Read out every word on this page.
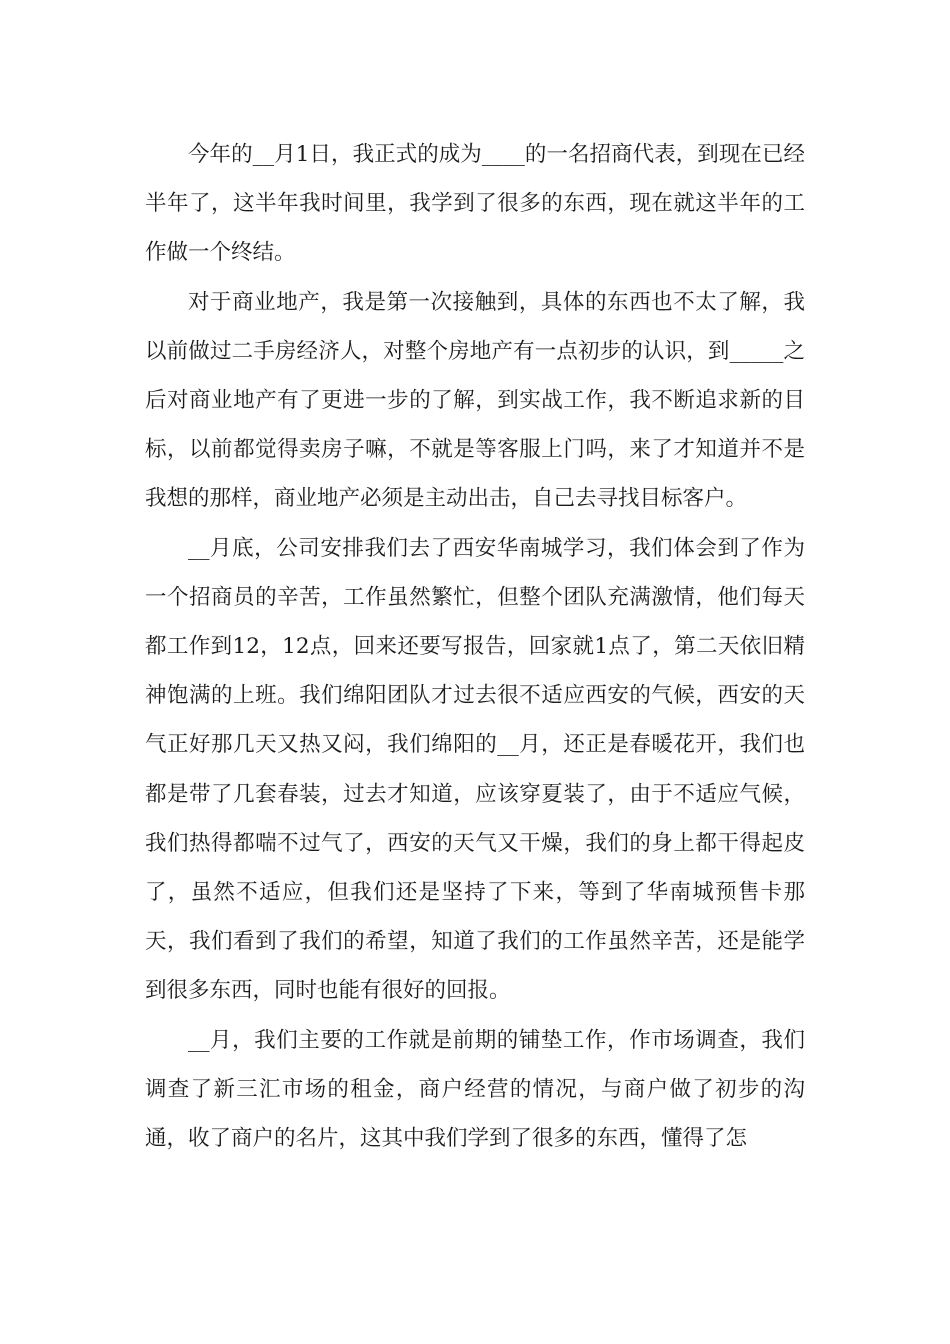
今年的__月1日，我正式的成为____的一名招商代表，到现在已经半年了，这半年我时间里，我学到了很多的东西，现在就这半年的工作做一个终结。

对于商业地产，我是第一次接触到，具体的东西也不太了解，我以前做过二手房经济人，对整个房地产有一点初步的认识，到_____之后对商业地产有了更进一步的了解，到实战工作，我不断追求新的目标，以前都觉得卖房子嘛，不就是等客服上门吗，来了才知道并不是我想的那样，商业地产必须是主动出击，自己去寻找目标客户。

__月底，公司安排我们去了西安华南城学习，我们体会到了作为一个招商员的辛苦，工作虽然繁忙，但整个团队充满激情，他们每天都工作到12，12点，回来还要写报告，回家就1点了，第二天依旧精神饱满的上班。我们绵阳团队才过去很不适应西安的气候，西安的天气正好那几天又热又闷，我们绵阳的__月，还正是春暖花开，我们也都是带了几套春装，过去才知道，应该穿夏装了，由于不适应气候，我们热得都喘不过气了，西安的天气又干燥，我们的身上都干得起皮了，虽然不适应，但我们还是坚持了下来，等到了华南城预售卡那天，我们看到了我们的希望，知道了我们的工作虽然辛苦，还是能学到很多东西，同时也能有很好的回报。

__月，我们主要的工作就是前期的铺垫工作，作市场调查，我们调查了新三汇市场的租金，商户经营的情况，与商户做了初步的沟通，收了商户的名片，这其中我们学到了很多的东西，懂得了怎
